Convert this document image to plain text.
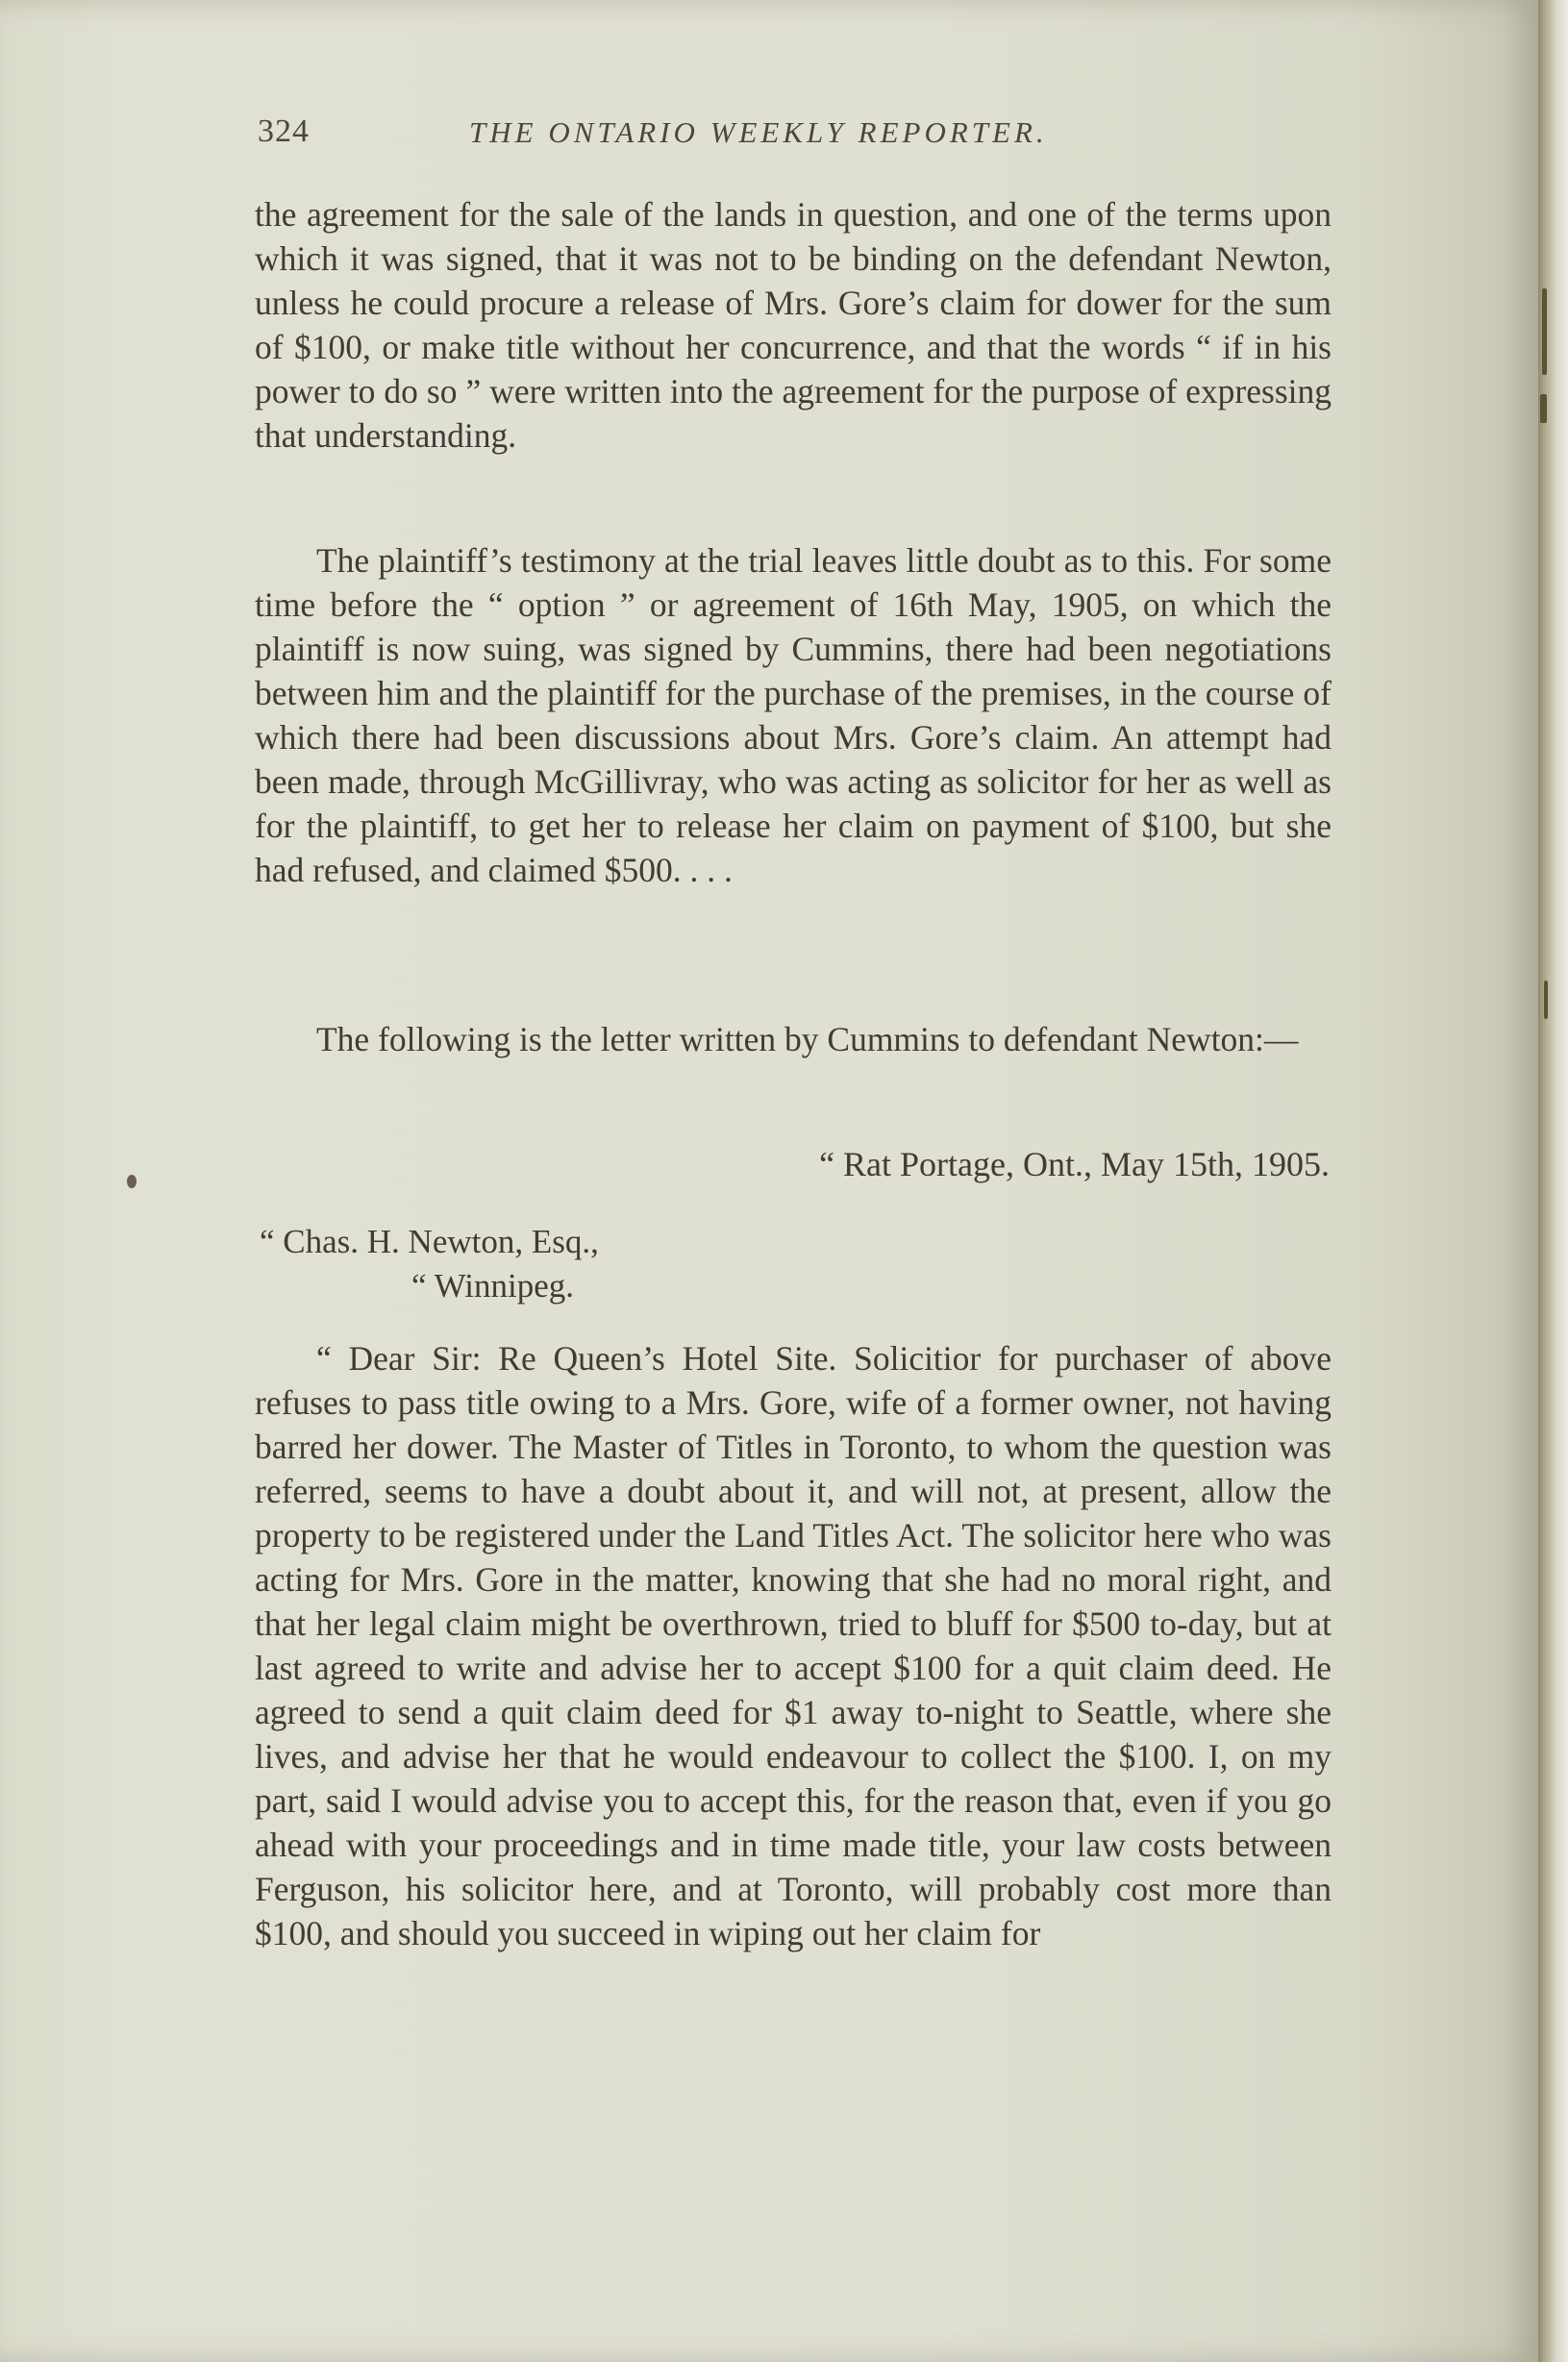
324	THE ONTARIO WEEKLY REPORTER.

the agreement for the sale of the lands in question, and one of the terms upon which it was signed, that it was not to be binding on the defendant Newton, unless he could procure a release of Mrs. Gore’s claim for dower for the sum of $100, or make title without her concurrence, and that the words “ if in his power to do so ” were written into the agreement for the purpose of expressing that understanding.

The plaintiff’s testimony at the trial leaves little doubt as to this. For some time before the “ option ” or agreement of 16th May, 1905, on which the plaintiff is now suing, was signed by Cummins, there had been negotiations between him and the plaintiff for the purchase of the premises, in the course of which there had been discussions about Mrs. Gore’s claim. An attempt had been made, through McGillivray, who was acting as solicitor for her as well as for the plaintiff, to get her to release her claim on payment of $100, but she had refused, and claimed $500. . . .

The following is the letter written by Cummins to defendant Newton:—

“ Rat Portage, Ont., May 15th, 1905.

“ Chas. H. Newton, Esq.,

“ Winnipeg.

“ Dear Sir: Re Queen’s Hotel Site. Solicitior for purchaser of above refuses to pass title owing to a Mrs. Gore, wife of a former owner, not having barred her dower. The Master of Titles in Toronto, to whom the question was referred, seems to have a doubt about it, and will not, at present, allow the property to be registered under the Land Titles Act. The solicitor here who was acting for Mrs. Gore in the matter, knowing that she had no moral right, and that her legal claim might be overthrown, tried to bluff for $500 to-day, but at last agreed to write and advise her to accept $100 for a quit claim deed. He agreed to send a quit claim deed for $1 away to-night to Seattle, where she lives, and advise her that he would endeavour to collect the $100. I, on my part, said I would advise you to accept this, for the reason that, even if you go ahead with your proceedings and in time made title, your law costs between Ferguson, his solicitor here, and at Toronto, will probably cost more than $100, and should you succeed in wiping out her claim for
